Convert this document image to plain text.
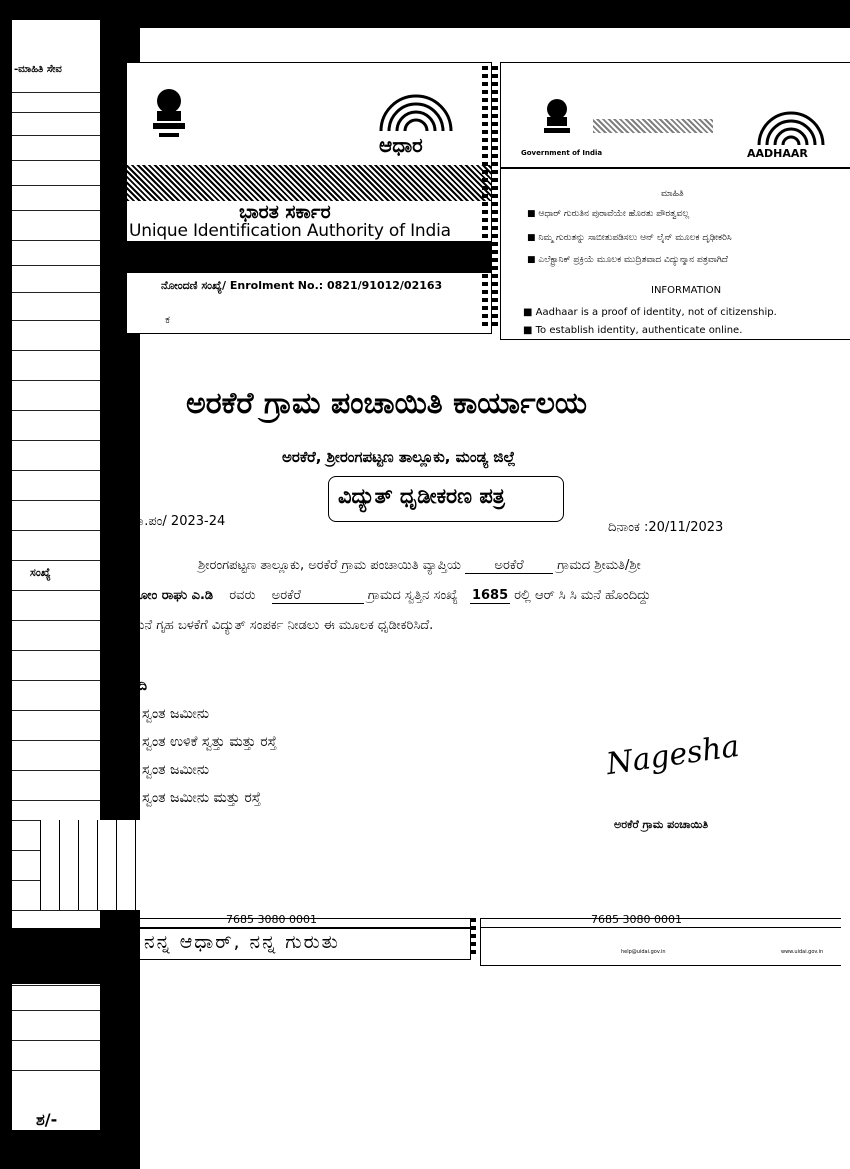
-ಮಾಹಿತಿ ಸೇವ
ಸಂಖ್ಯೆ
ಶ/-
ಆಧಾರ
ಭಾರತ ಸರ್ಕಾರ
Unique Identification Authority of India
ನೋಂದಣಿ ಸಂಖ್ಯೆ/ Enrolment No.: 0821/91012/02163
ಕ
Government of India	AADHAAR
ಮಾಹಿತಿ
■ ಆಧಾರ್ ಗುರುತಿನ ಪುರಾವೆಯೇ ಹೊರತು ಪೌರತ್ವವಲ್ಲ
■ ನಿಮ್ಮ ಗುರುತನ್ನು ಸಾಬೀತುಪಡಿಸಲು ಆನ್ ಲೈನ್ ಮೂಲಕ ದೃಢೀಕರಿಸಿ
■ ಎಲೆಕ್ಟ್ರಾನಿಕ್ ಪ್ರಕ್ರಿಯೆ ಮೂಲಕ ಮುದ್ರಿತವಾದ ವಿದ್ಯುನ್ಮಾನ ಪತ್ರವಾಗಿದೆ
INFORMATION
■ Aadhaar is a proof of identity, not of citizenship.
■ To establish identity, authenticate online.
ಅರಕೆರೆ ಗ್ರಾಮ ಪಂಚಾಯಿತಿ ಕಾರ್ಯಾಲಯ
ಅರಕೆರೆ, ಶ್ರೀರಂಗಪಟ್ಟಣ ತಾಲ್ಲೂಕು, ಮಂಡ್ಯ ಜಿಲ್ಲೆ
ವಿದ್ಯುತ್ ಧೃಡೀಕರಣ ಪತ್ರ
ಗ್ರಾ.ಪಂ/ 2023-24	ದಿನಾಂಕ :20/11/2023
ಶ್ರೀರಂಗಪಟ್ಟಣ ತಾಲ್ಲೂಕು, ಅರಕೆರೆ ಗ್ರಾಮ ಪಂಚಾಯಿತಿ ವ್ಯಾಪ್ತಿಯ	ಅರಕೆರೆ	ಗ್ರಾಮದ ಶ್ರೀಮತಿ/ಶ್ರೀ
ಸೋಂ ರಾಘು ಎ.ಡಿ ರವರು ಅರಕೆರೆ	ಗ್ರಾಮದ ಸ್ವತ್ತಿನ ಸಂಖ್ಯೆ 1685 ರಲ್ಲಿ ಆರ್ ಸಿ ಸಿ ಮನೆ ಹೊಂದಿದ್ದು
ಮನೆ ಗೃಹ ಬಳಕೆಗೆ ವಿದ್ಯುತ್ ಸಂಪರ್ಕ ನೀಡಲು ಈ ಮೂಲಕ ಧೃಡೀಕರಿಸಿದೆ.
ದಿ
ಸ್ವಂತ ಜಮೀನು
ಸ್ವಂತ ಉಳಿಕೆ ಸ್ವತ್ತು ಮತ್ತು ರಸ್ತೆ
ಸ್ವಂತ ಜಮೀನು
ಸ್ವಂತ ಜಮೀನು ಮತ್ತು ರಸ್ತೆ
Nagesha
ಅರಕೆರೆ ಗ್ರಾಮ ಪಂಚಾಯಿತಿ
7685 3080 0001
ನನ್ನ ಆಧಾರ್, ನನ್ನ ಗುರುತು
7685 3080 0001
help@uidai.gov.in	www.uidai.gov.in
